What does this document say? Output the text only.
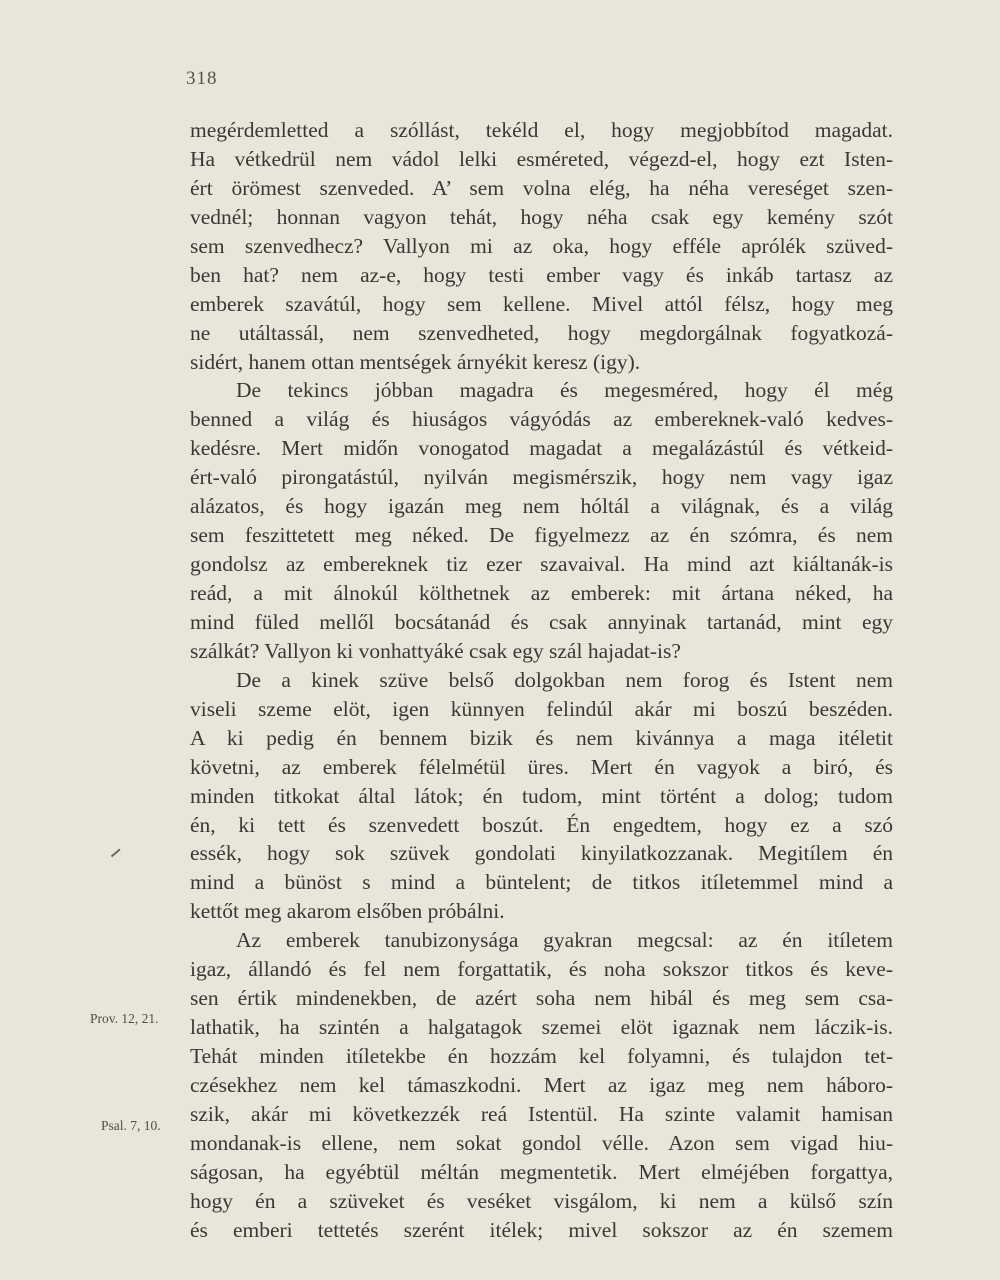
318
Prov. 12, 21.
Psal. 7, 10.
megérdemletted a szóllást, tekéld el, hogy megjobbítod magadat.
Ha vétkedrül nem vádol lelki esméreted, végezd-el, hogy ezt Isten-
ért örömest szenveded. A’ sem volna elég, ha néha vereséget szen-
vednél; honnan vagyon tehát, hogy néha csak egy kemény szót
sem szenvedhecz? Vallyon mi az oka, hogy efféle aprólék szüved-
ben hat? nem az-e, hogy testi ember vagy és inkáb tartasz az
emberek szavátúl, hogy sem kellene. Mivel attól félsz, hogy meg
ne utáltassál, nem szenvedheted, hogy megdorgálnak fogyatkozá-
sidért, hanem ottan mentségek árnyékit keresz (igy).
De tekincs jóbban magadra és megesméred, hogy él még
benned a világ és hiuságos vágyódás az embereknek-való kedves-
kedésre. Mert midőn vonogatod magadat a megalázástúl és vétkeid-
ért-való pirongatástúl, nyilván megismérszik, hogy nem vagy igaz
alázatos, és hogy igazán meg nem hóltál a világnak, és a világ
sem feszittetett meg néked. De figyelmezz az én szómra, és nem
gondolsz az embereknek tiz ezer szavaival. Ha mind azt kiáltanák-is
reád, a mit álnokúl költhetnek az emberek: mit ártana néked, ha
mind füled mellől bocsátanád és csak annyinak tartanád, mint egy
szálkát? Vallyon ki vonhattyáké csak egy szál hajadat-is?
De a kinek szüve belső dolgokban nem forog és Istent nem
viseli szeme elöt, igen künnyen felindúl akár mi boszú beszéden.
A ki pedig én bennem bizik és nem kivánnya a maga itéletit
követni, az emberek félelmétül üres. Mert én vagyok a biró, és
minden titkokat által látok; én tudom, mint történt a dolog; tudom
én, ki tett és szenvedett boszút. Én engedtem, hogy ez a szó
essék, hogy sok szüvek gondolati kinyilatkozzanak. Megitílem én
mind a bünöst s mind a büntelent; de titkos itíletemmel mind a
kettőt meg akarom elsőben próbálni.
Az emberek tanubizonysága gyakran megcsal: az én itíletem
igaz, állandó és fel nem forgattatik, és noha sokszor titkos és keve-
sen értik mindenekben, de azért soha nem hibál és meg sem csa-
lathatik, ha szintén a halgatagok szemei elöt igaznak nem láczik-is.
Tehát minden itíletekbe én hozzám kel folyamni, és tulajdon tet-
czésekhez nem kel támaszkodni. Mert az igaz meg nem háboro-
szik, akár mi következzék reá Istentül. Ha szinte valamit hamisan
mondanak-is ellene, nem sokat gondol vélle. Azon sem vigad hiu-
ságosan, ha egyébtül méltán megmentetik. Mert elméjében forgattya,
hogy én a szüveket és veséket visgálom, ki nem a külső szín
és emberi tettetés szerént itélek; mivel sokszor az én szemem
